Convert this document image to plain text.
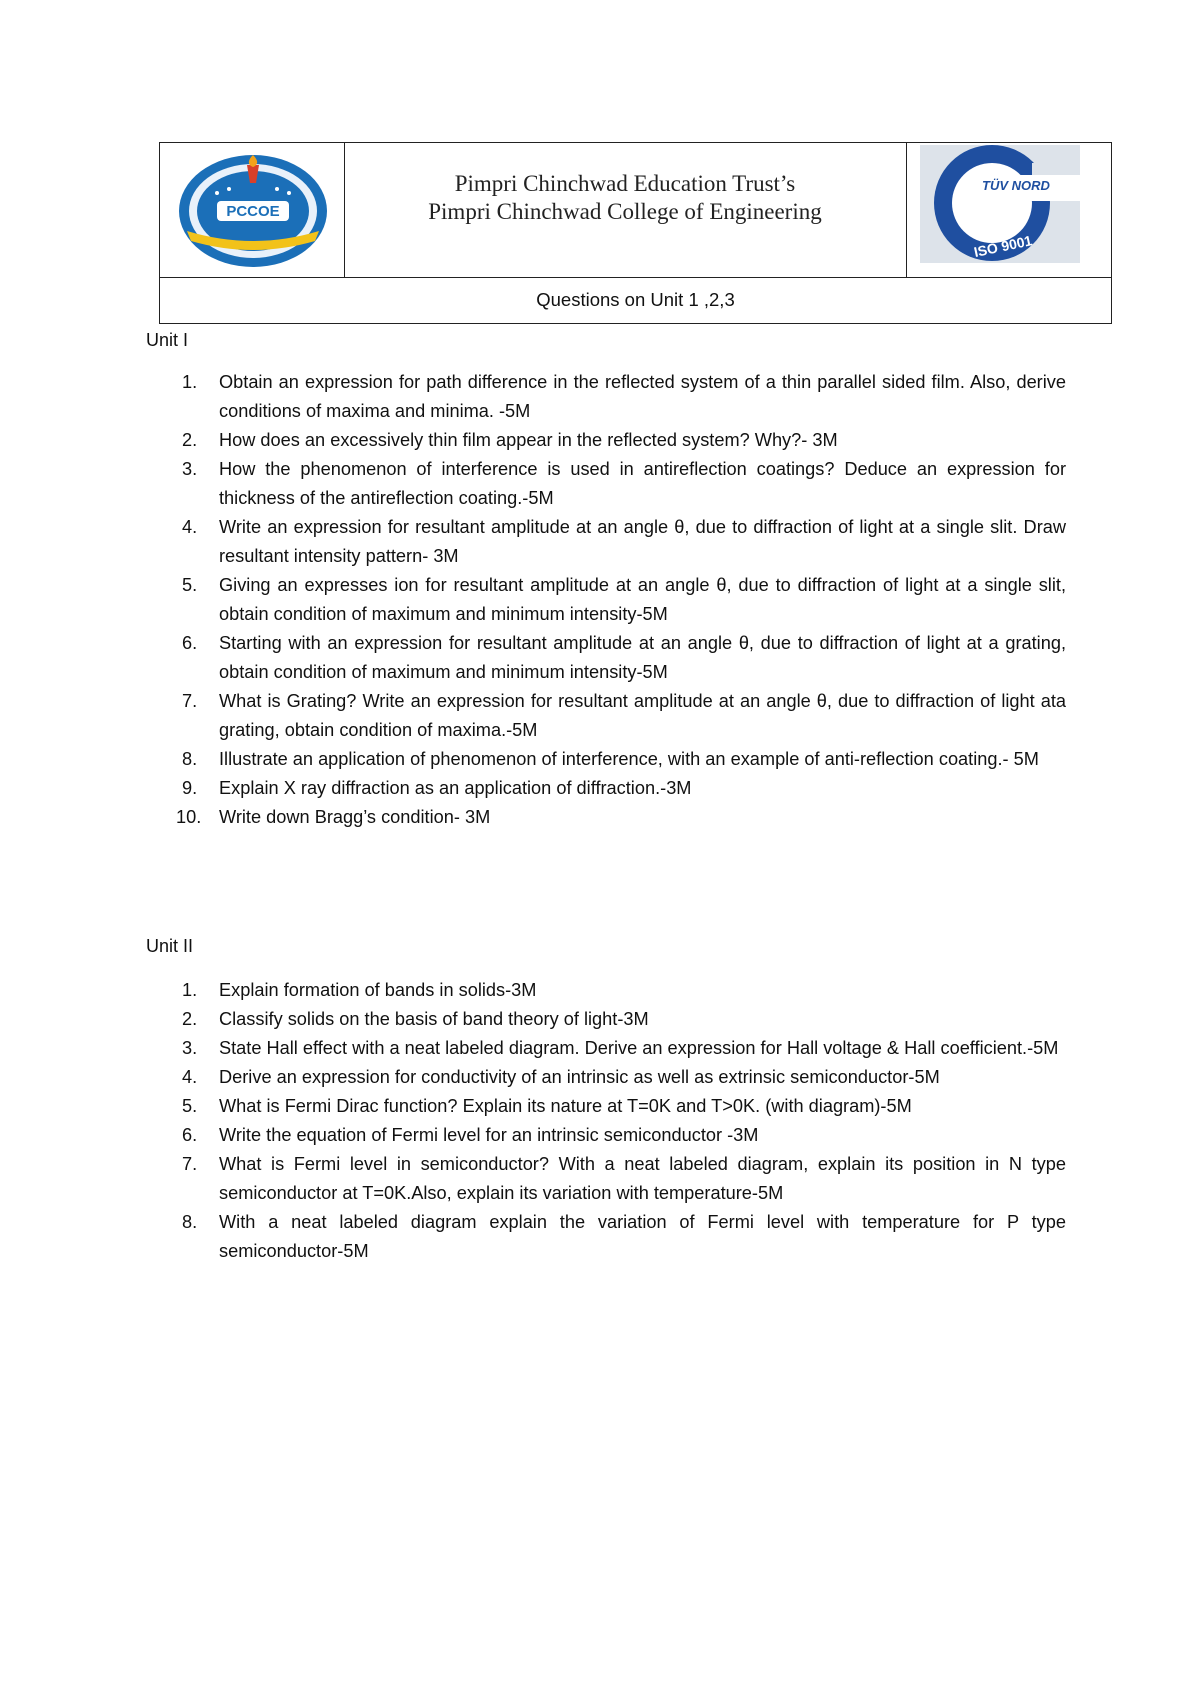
PCCOE
Pimpri Chinchwad Education Trust’s
Pimpri Chinchwad College of Engineering
TÜV NORD
ISO 9001
Questions on Unit 1 ,2,3
Unit I
1. Obtain an expression for path difference in the reflected system of a thin parallel sided film. Also, derive conditions of maxima and minima. -5M
2. How does an excessively thin film appear in the reflected system? Why?- 3M
3. How the phenomenon of interference is used in antireflection coatings? Deduce an expression for thickness of the antireflection coating.-5M
4. Write an expression for resultant amplitude at an angle θ, due to diffraction of light at a single slit. Draw resultant intensity pattern- 3M
5. Giving an expresses ion for resultant amplitude at an angle θ, due to diffraction of light at a single slit, obtain condition of maximum and minimum intensity-5M
6. Starting with an expression for resultant amplitude at an angle θ, due to diffraction of light at a grating, obtain condition of maximum and minimum intensity-5M
7. What is Grating? Write an expression for resultant amplitude at an angle θ, due to diffraction of light ata grating, obtain condition of maxima.-5M
8. Illustrate an application of phenomenon of interference, with an example of anti-reflection coating.- 5M
9. Explain X ray diffraction as an application of diffraction.-3M
10. Write down Bragg’s condition- 3M
Unit II
1. Explain formation of bands in solids-3M
2. Classify solids on the basis of band theory of light-3M
3. State Hall effect with a neat labeled diagram. Derive an expression for Hall voltage & Hall coefficient.-5M
4. Derive an expression for conductivity of an intrinsic as well as extrinsic semiconductor-5M
5. What is Fermi Dirac function? Explain its nature at T=0K and T>0K. (with diagram)-5M
6. Write the equation of Fermi level for an intrinsic semiconductor -3M
7. What is Fermi level in semiconductor? With a neat labeled diagram, explain its position in N type semiconductor at T=0K.Also, explain its variation with temperature-5M
8. With a neat labeled diagram explain the variation of Fermi level with temperature for P type semiconductor-5M
